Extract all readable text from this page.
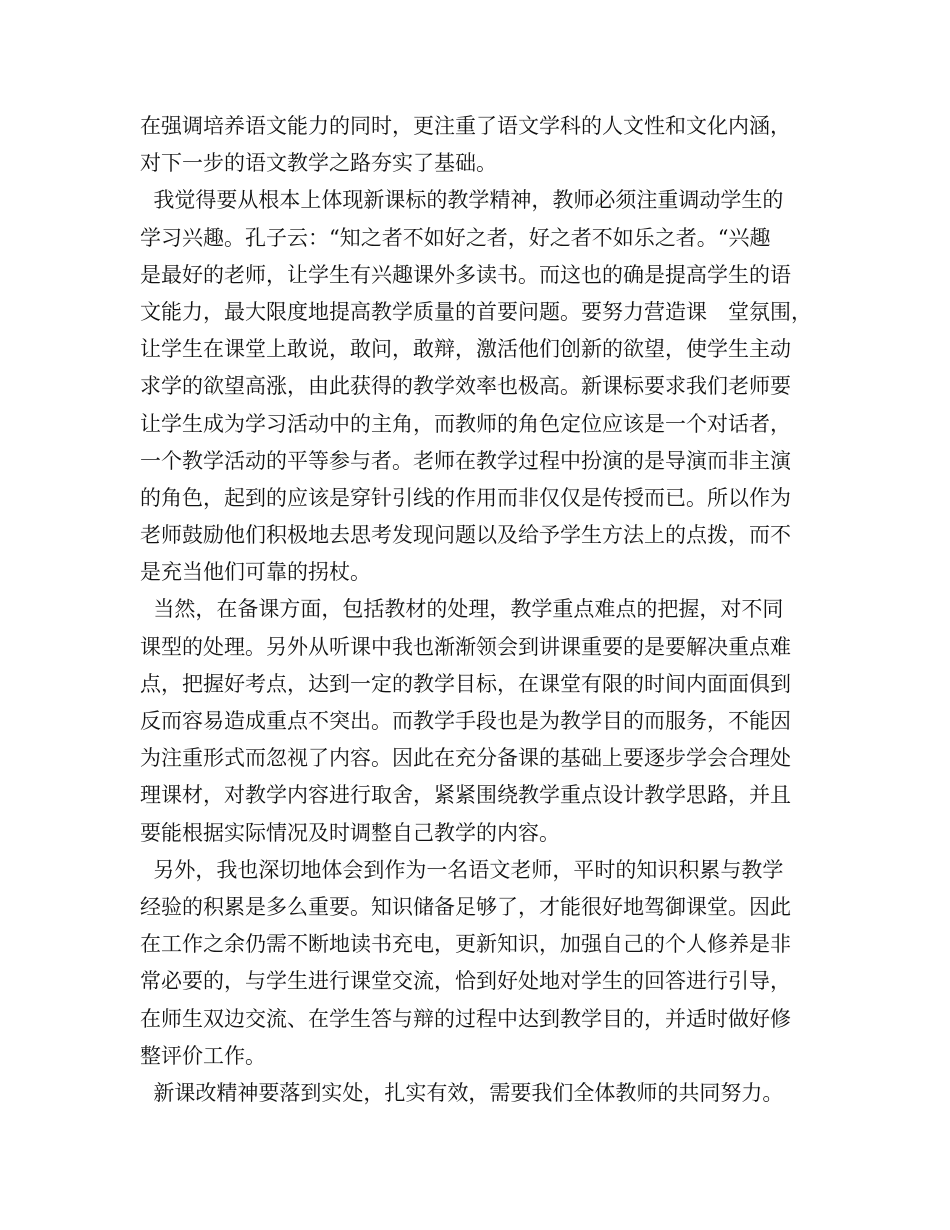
在强调培养语文能力的同时，更注重了语文学科的人文性和文化内涵，
对下一步的语文教学之路夯实了基础。
我觉得要从根本上体现新课标的教学精神，教师必须注重调动学生的
学习兴趣。孔子云：“知之者不如好之者，好之者不如乐之者。“兴趣
是最好的老师，让学生有兴趣课外多读书。而这也的确是提高学生的语
文能力，最大限度地提高教学质量的首要问题。要努力营造课　堂氛围，
让学生在课堂上敢说，敢问，敢辩，激活他们创新的欲望，使学生主动
求学的欲望高涨，由此获得的教学效率也极高。新课标要求我们老师要
让学生成为学习活动中的主角，而教师的角色定位应该是一个对话者，
一个教学活动的平等参与者。老师在教学过程中扮演的是导演而非主演
的角色，起到的应该是穿针引线的作用而非仅仅是传授而已。所以作为
老师鼓励他们积极地去思考发现问题以及给予学生方法上的点拨，而不
是充当他们可靠的拐杖。
当然，在备课方面，包括教材的处理，教学重点难点的把握，对不同
课型的处理。另外从听课中我也渐渐领会到讲课重要的是要解决重点难
点，把握好考点，达到一定的教学目标，在课堂有限的时间内面面俱到
反而容易造成重点不突出。而教学手段也是为教学目的而服务，不能因
为注重形式而忽视了内容。因此在充分备课的基础上要逐步学会合理处
理课材，对教学内容进行取舍，紧紧围绕教学重点设计教学思路，并且
要能根据实际情况及时调整自己教学的内容。
另外，我也深切地体会到作为一名语文老师，平时的知识积累与教学
经验的积累是多么重要。知识储备足够了，才能很好地驾御课堂。因此
在工作之余仍需不断地读书充电，更新知识，加强自己的个人修养是非
常必要的，与学生进行课堂交流，恰到好处地对学生的回答进行引导，
在师生双边交流、在学生答与辩的过程中达到教学目的，并适时做好修
整评价工作。
新课改精神要落到实处，扎实有效，需要我们全体教师的共同努力。
